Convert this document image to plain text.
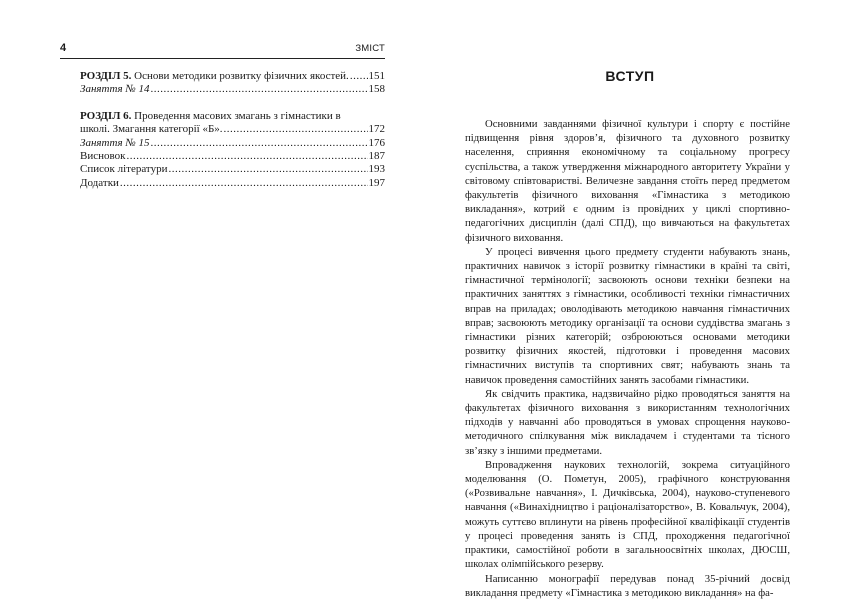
4	ЗМІСТ
РОЗДІЛ 5. Основи методики розвитку фізичних якостей. ..... 151
Заняття № 14 .....	158
РОЗДІЛ 6. Проведення масових змагань з гімнастики в
школі. Змагання категорії «Б». .....	172
Заняття № 15 .....	176
Висновок .....	187
Список літератури .....	193
Додатки .....	197
ВСТУП

Основними завданнями фізичної культури і спорту є постійне підвищення рівня здоров’я, фізичного та духовного розвитку населення, сприяння економічному та соціальному прогресу суспільства, а також утвердження міжнародного авторитету України у світовому співтоваристві. Величезне завдання стоїть перед предметом факультетів фізичного виховання «Гімнастика з методикою викладання», котрий є одним із провідних у циклі спортивно-педагогічних дисциплін (далі СПД), що вивчаються на факультетах фізичного виховання.

У процесі вивчення цього предмету студенти набувають знань, практичних навичок з історії розвитку гімнастики в країні та світі, гімнастичної термінології; засвоюють основи техніки безпеки на практичних заняттях з гімнастики, особливості техніки гімнастичних вправ на приладах; оволодівають методикою навчання гімнастичних вправ; засвоюють методику організації та основи суддівства змагань з гімнастики різних категорій; озброюються основами методики розвитку фізичних якостей, підготовки і проведення масових гімнастичних виступів та спортивних свят; набувають знань та навичок проведення самостійних занять засобами гімнастики.

Як свідчить практика, надзвичайно рідко проводяться заняття на факультетах фізичного виховання з використанням технологічних підходів у навчанні або проводяться в умовах спрощення науково-методичного спілкування між викладачем і студентами та тісного зв’язку з іншими предметами.

Впровадження наукових технологій, зокрема ситуаційного моделювання (О. Пометун, 2005), графічного конструювання («Розвивальне навчання», І. Дичківська, 2004), науково-ступеневого навчання («Винахідництво і раціоналізаторство», В. Ковальчук, 2004), можуть суттєво вплинути на рівень професійної кваліфікації студентів у процесі проведення занять із СПД, проходження педагогічної практики, самостійної роботи в загальноосвітніх школах, ДЮСШ, школах олімпійського резерву.

Написанню монографії передував понад 35-річний досвід викладання предмету «Гімнастика з методикою викладання» на фа-
